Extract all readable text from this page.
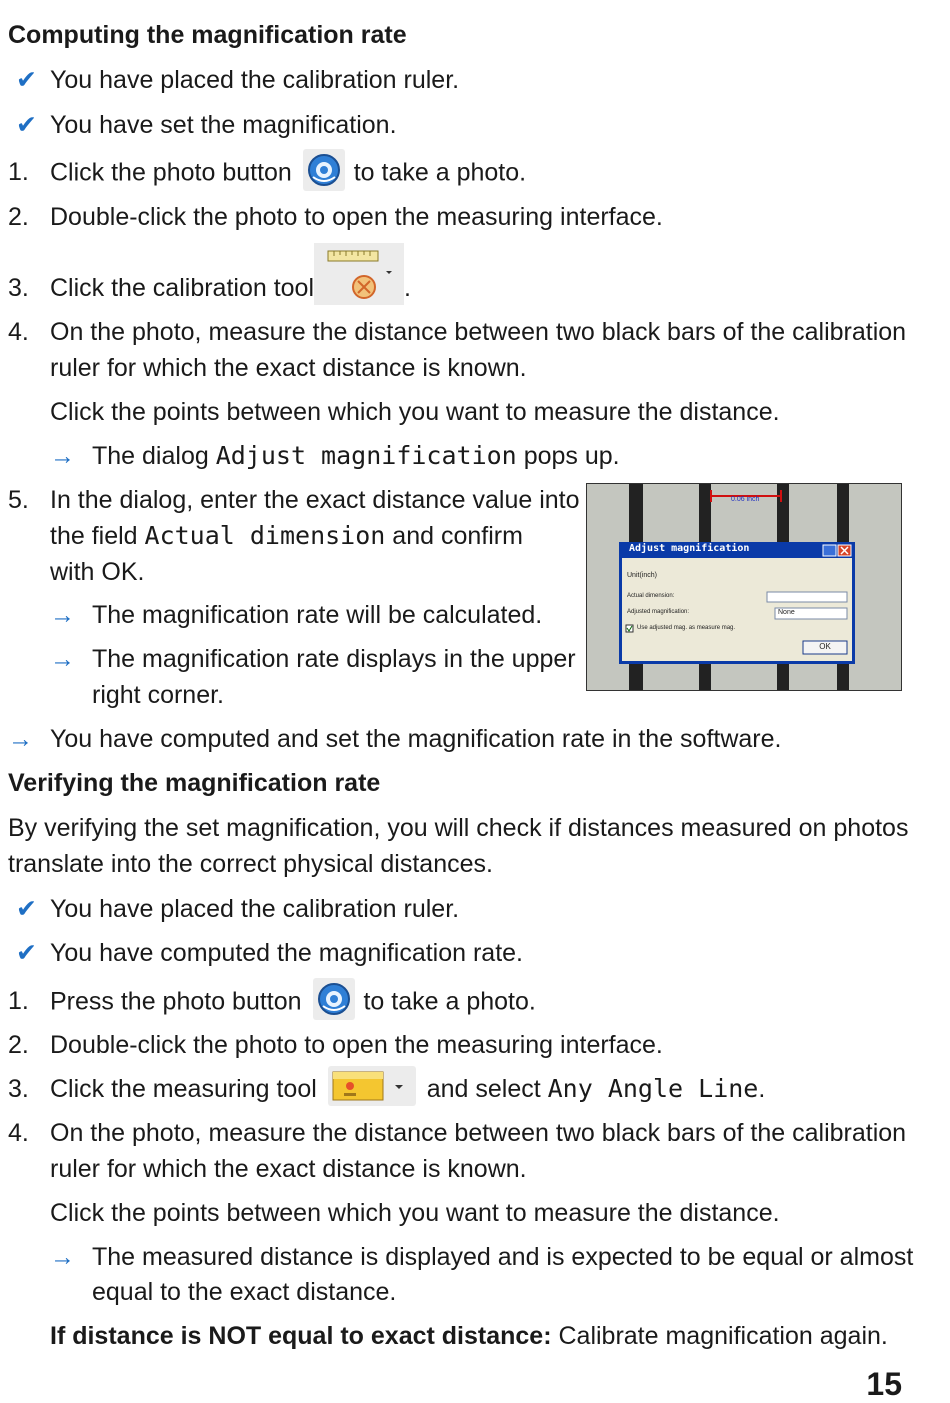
Computing the magnification rate
✔ You have placed the calibration ruler.
✔ You have set the magnification.
1. Click the photo button to take a photo.
2. Double-click the photo to open the measuring interface.
3. Click the calibration tool	.
4. On the photo, measure the distance between two black bars of the calibration
ruler for which the exact distance is known.
Click the points between which you want to measure the distance.
→ The dialog Adjust magnification pops up.
5. In the dialog, enter the exact distance value into
the field Actual dimension and confirm
with OK.
→ The magnification rate will be calculated.
→ The magnification rate displays in the upper
right corner.
0.06 inch
Adjust magnification
Unit(inch)
Actual dimension:
Adjusted magnification:	None
Use adjusted mag. as measure mag.
OK
→ You have computed and set the magnification rate in the software.
Verifying the magnification rate
By verifying the set magnification, you will check if distances measured on photos
translate into the correct physical distances.
✔ You have placed the calibration ruler.
✔ You have computed the magnification rate.
1. Press the photo button to take a photo.
2. Double-click the photo to open the measuring interface.
3. Click the measuring tool	and select Any Angle Line.
4. On the photo, measure the distance between two black bars of the calibration
ruler for which the exact distance is known.
Click the points between which you want to measure the distance.
→ The measured distance is displayed and is expected to be equal or almost
equal to the exact distance.
If distance is NOT equal to exact distance: Calibrate magnification again.
15
